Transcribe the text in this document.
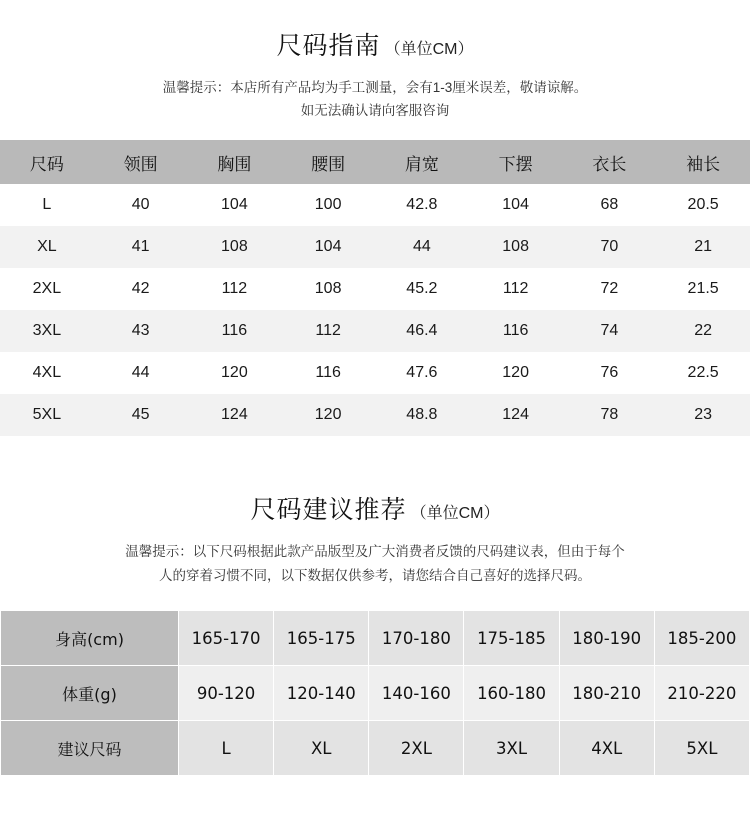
尺码指南 （单位CM）
温馨提示：本店所有产品均为手工测量，会有1-3厘米误差，敬请谅解。
如无法确认请向客服咨询
尺码	领围	胸围	腰围	肩宽	下摆	衣长	袖长
L	40	104	100	42.8	104	68	20.5
XL	41	108	104	44	108	70	21
2XL	42	112	108	45.2	112	72	21.5
3XL	43	116	112	46.4	116	74	22
4XL	44	120	116	47.6	120	76	22.5
5XL	45	124	120	48.8	124	78	23
尺码建议推荐 （单位CM）
温馨提示：以下尺码根据此款产品版型及广大消费者反馈的尺码建议表，但由于每个
人的穿着习惯不同，以下数据仅供参考，请您结合自己喜好的选择尺码。
身高(cm)	165-170	165-175	170-180	175-185	180-190	185-200
体重(g)	90-120	120-140	140-160	160-180	180-210	210-220
建议尺码	L	XL	2XL	3XL	4XL	5XL
